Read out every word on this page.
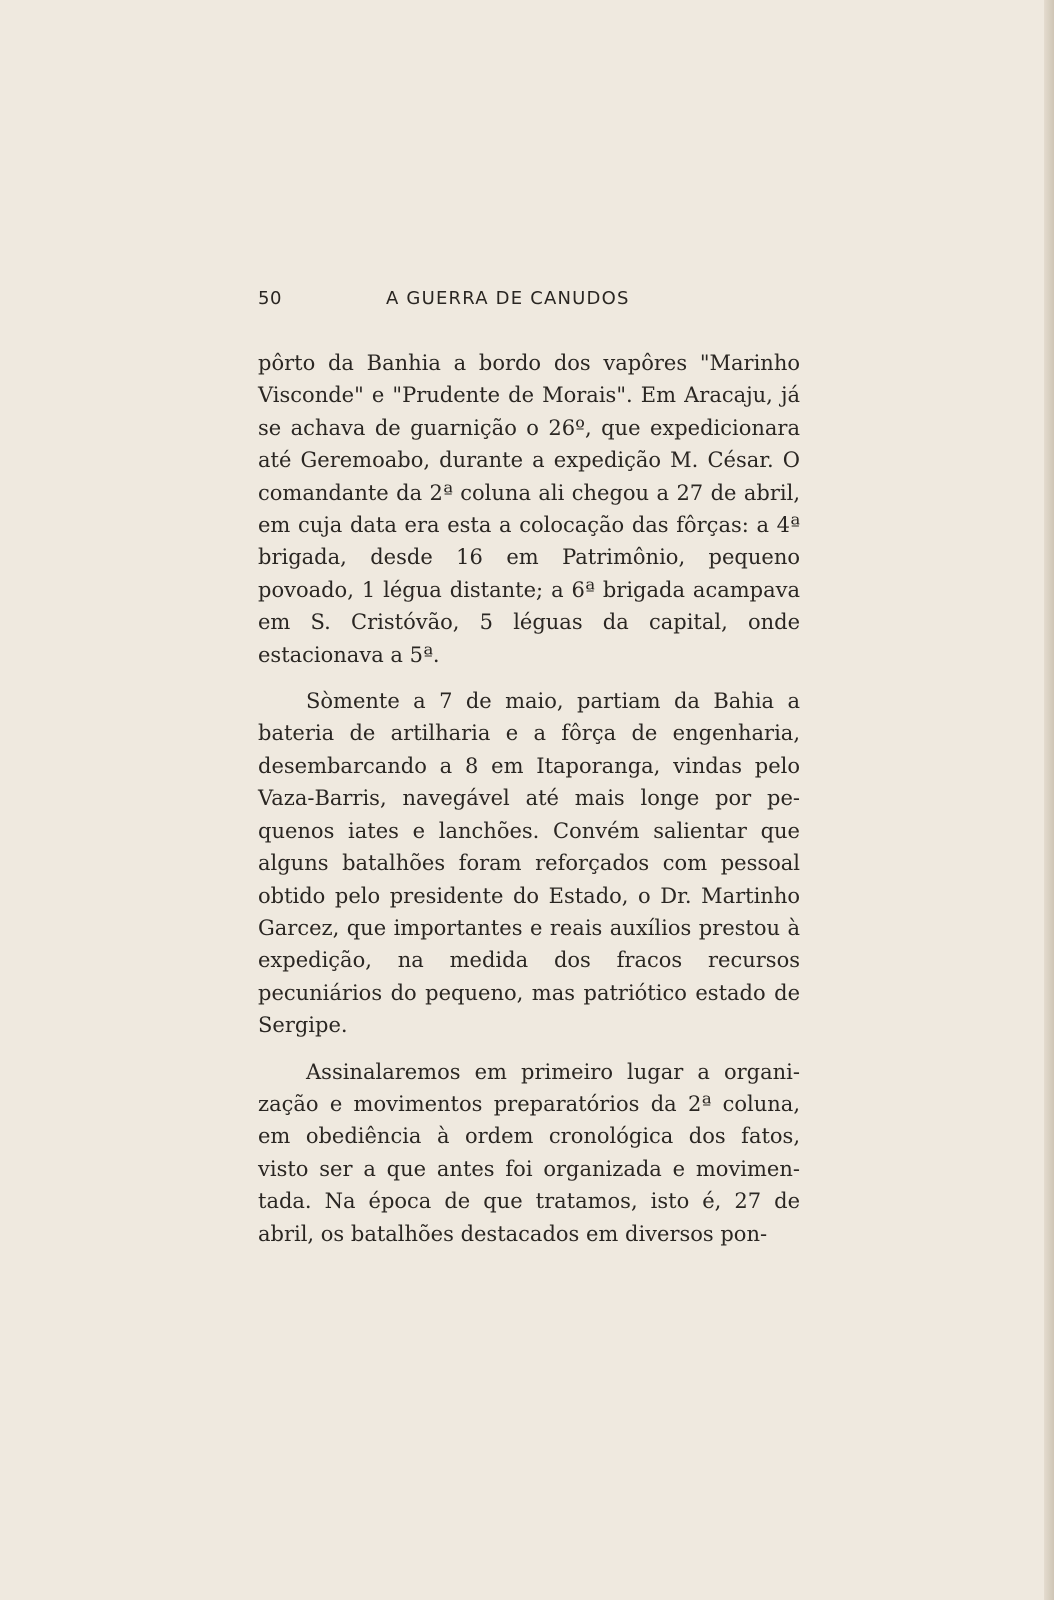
50	A GUERRA DE CANUDOS

pôrto da Banhia a bordo dos vapôres "Marinho Visconde" e "Prudente de Morais". Em Aracaju, já se achava de guarnição o 26º, que expedicionara até Geremoabo, durante a expedição M. César. O comandante da 2ª coluna ali chegou a 27 de abril, em cuja data era esta a colocação das fôrças: a 4ª brigada, desde 16 em Patrimônio, pequeno povoado, 1 légua distante; a 6ª brigada acampava em S. Cristóvão, 5 léguas da capital, onde estacionava a 5ª.

Sòmente a 7 de maio, partiam da Bahia a bateria de artilharia e a fôrça de engenharia, desembarcando a 8 em Itaporanga, vindas pelo Vaza-Barris, navegável até mais longe por pequenos iates e lanchões. Convém salientar que alguns batalhões foram reforçados com pessoal obtido pelo presidente do Estado, o Dr. Martinho Garcez, que importantes e reais auxílios prestou à expedição, na medida dos fracos recursos pecuniários do pequeno, mas patriótico estado de Sergipe.

Assinalaremos em primeiro lugar a organização e movimentos preparatórios da 2ª coluna, em obediência à ordem cronológica dos fatos, visto ser a que antes foi organizada e movimentada. Na época de que tratamos, isto é, 27 de abril, os batalhões destacados em diversos pon-
